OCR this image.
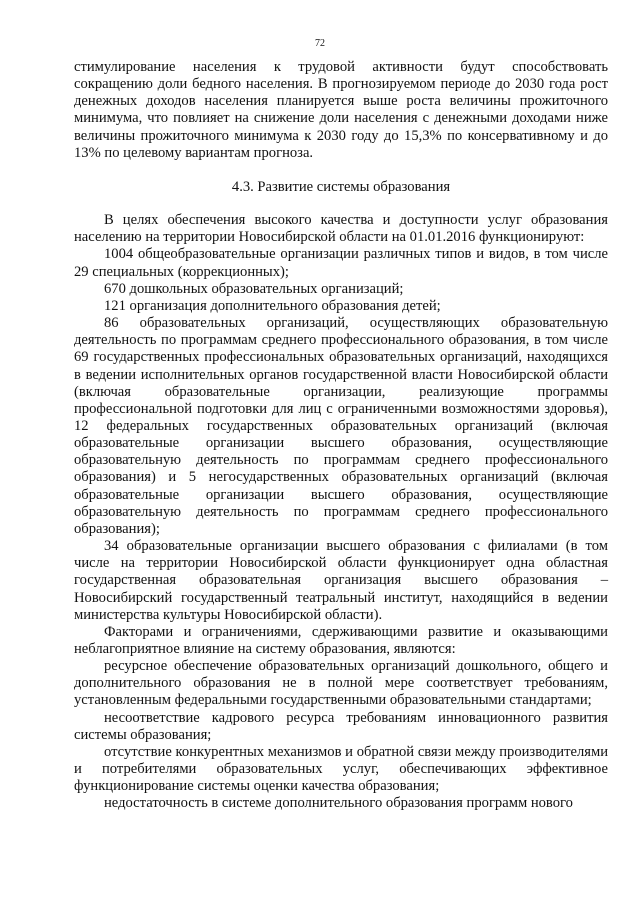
72

стимулирование населения к трудовой активности будут способствовать сокращению доли бедного населения. В прогнозируемом периоде до 2030 года рост денежных доходов населения планируется выше роста величины прожиточного минимума, что повлияет на снижение доли населения с денежными доходами ниже величины прожиточного минимума к 2030 году до 15,3% по консервативному и до 13% по целевому вариантам прогноза.

4.3. Развитие системы образования

В целях обеспечения высокого качества и доступности услуг образования населению на территории Новосибирской области на 01.01.2016 функционируют:

1004 общеобразовательные организации различных типов и видов, в том числе 29 специальных (коррекционных);

670 дошкольных образовательных организаций;

121 организация дополнительного образования детей;

86 образовательных организаций, осуществляющих образовательную деятельность по программам среднего профессионального образования, в том числе 69 государственных профессиональных образовательных организаций, находящихся в ведении исполнительных органов государственной власти Новосибирской области (включая образовательные организации, реализующие программы профессиональной подготовки для лиц с ограниченными возможностями здоровья), 12 федеральных государственных образовательных организаций (включая образовательные организации высшего образования, осуществляющие образовательную деятельность по программам среднего профессионального образования) и 5 негосударственных образовательных организаций (включая образовательные организации высшего образования, осуществляющие образовательную деятельность по программам среднего профессионального образования);

34 образовательные организации высшего образования с филиалами (в том числе на территории Новосибирской области функционирует одна областная государственная образовательная организация высшего образования – Новосибирский государственный театральный институт, находящийся в ведении министерства культуры Новосибирской области).

Факторами и ограничениями, сдерживающими развитие и оказывающими неблагоприятное влияние на систему образования, являются:

ресурсное обеспечение образовательных организаций дошкольного, общего и дополнительного образования не в полной мере соответствует требованиям, установленным федеральными государственными образовательными стандартами;

несоответствие кадрового ресурса требованиям инновационного развития системы образования;

отсутствие конкурентных механизмов и обратной связи между производителями и потребителями образовательных услуг, обеспечивающих эффективное функционирование системы оценки качества образования;

недостаточность в системе дополнительного образования программ нового
